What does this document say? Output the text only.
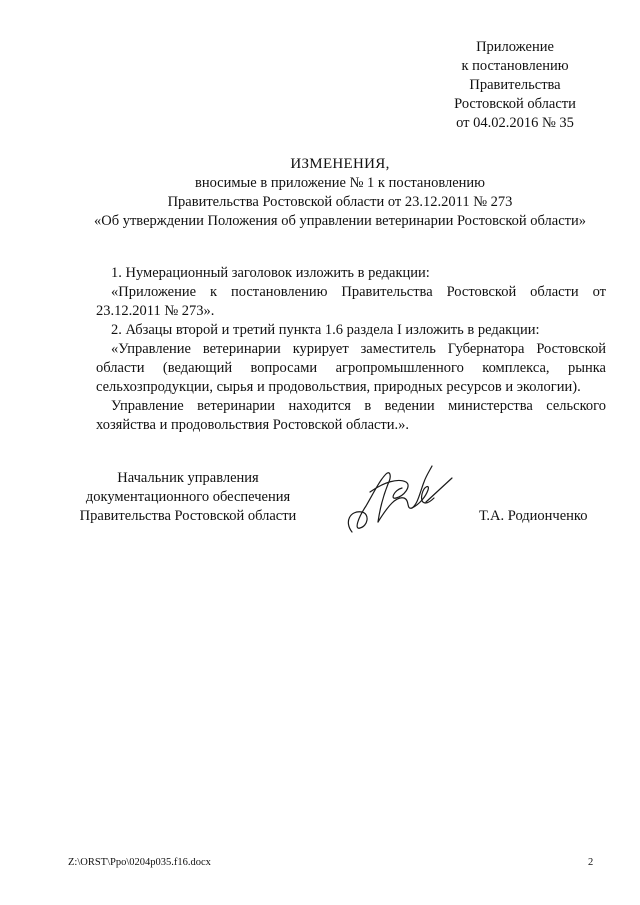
Приложение
к постановлению
Правительства
Ростовской области
от 04.02.2016 № 35
ИЗМЕНЕНИЯ,
вносимые в приложение № 1 к постановлению
Правительства Ростовской области от 23.12.2011 № 273
«Об утверждении Положения об управлении ветеринарии Ростовской области»
1. Нумерационный заголовок изложить в редакции:
«Приложение к постановлению Правительства Ростовской области от 23.12.2011 № 273».
2. Абзацы второй и третий пункта 1.6 раздела I изложить в редакции:
«Управление ветеринарии курирует заместитель Губернатора Ростовской области (ведающий вопросами агропромышленного комплекса, рынка сельхозпродукции, сырья и продовольствия, природных ресурсов и экологии).
Управление ветеринарии находится в ведении министерства сельского хозяйства и продовольствия Ростовской области.».
Начальник управления
документационного обеспечения
Правительства Ростовской области	Т.А. Родионченко
Z:\ORST\Ppo\0204p035.f16.docx	2
